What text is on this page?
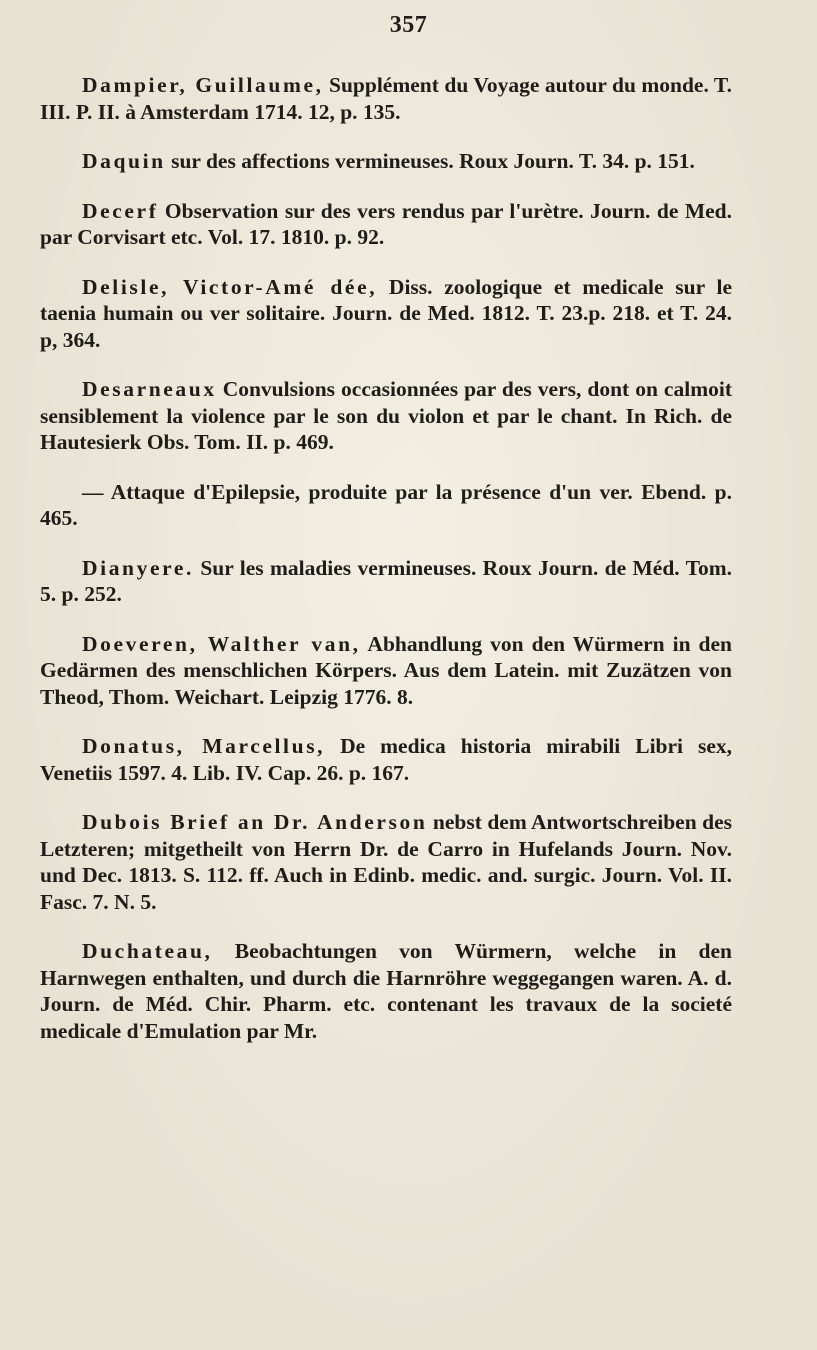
357

Dampier, Guillaume, Supplément du Voyage autour du monde. T. III. P. II. à Amsterdam 1714. 12, p. 135.

Daquin sur des affections vermineuses. Roux Journ. T. 34. p. 151.

Decerf Observation sur des vers rendus par l'urètre. Journ. de Med. par Corvisart etc. Vol. 17. 1810. p. 92.

Delisle, Victor-Amé dée, Diss. zoologique et medicale sur le taenia humain ou ver solitaire. Journ. de Med. 1812. T. 23.p. 218. et T. 24. p, 364.

Desarneaux Convulsions occasionnées par des vers, dont on calmoit sensiblement la violence par le son du violon et par le chant. In Rich. de Hautesierk Obs. Tom. II. p. 469.

— Attaque d'Epilepsie, produite par la présence d'un ver. Ebend. p. 465.

Dianyere. Sur les maladies vermineuses. Roux Journ. de Méd. Tom. 5. p. 252.

Doeveren, Walther van, Abhandlung von den Würmern in den Gedärmen des menschlichen Körpers. Aus dem Latein. mit Zuzätzen von Theod, Thom. Weichart. Leipzig 1776. 8.

Donatus, Marcellus, De medica historia mirabili Libri sex, Venetiis 1597. 4. Lib. IV. Cap. 26. p. 167.

Dubois Brief an Dr. Anderson nebst dem Antwortschreiben des Letzteren; mitgetheilt von Herrn Dr. de Carro in Hufelands Journ. Nov. und Dec. 1813. S. 112. ff. Auch in Edinb. medic. and. surgic. Journ. Vol. II. Fasc. 7. N. 5.

Duchateau, Beobachtungen von Würmern, welche in den Harnwegen enthalten, und durch die Harnröhre weggegangen waren. A. d. Journ. de Méd. Chir. Pharm. etc. contenant les travaux de la societé medicale d'Emulation par Mr.
